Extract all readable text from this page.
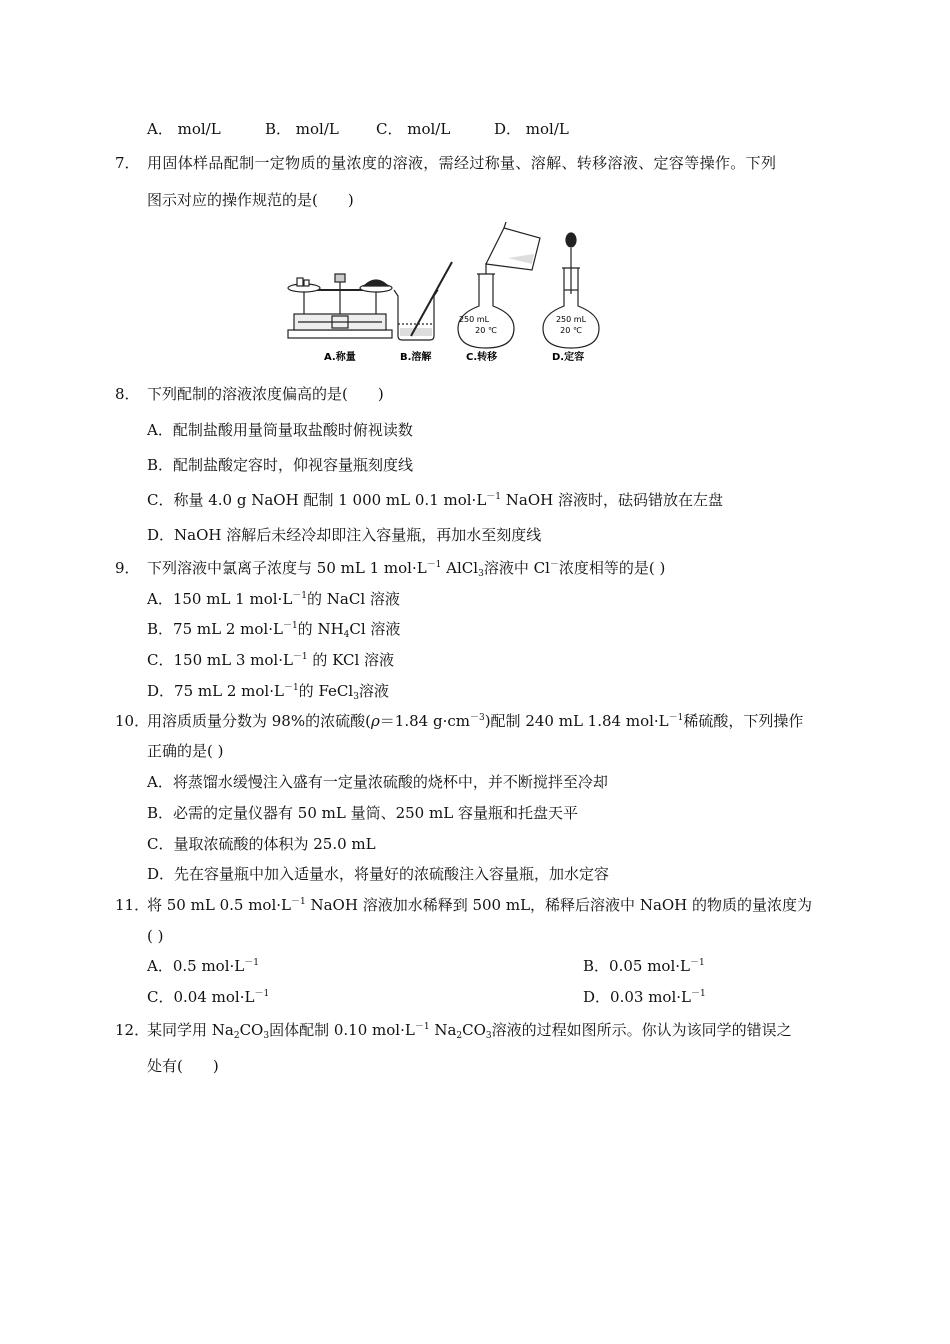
A． mol/L	B． mol/L C． mol/L	D． mol/L
7． 用固体样品配制一定物质的量浓度的溶液，需经过称量、溶解、转移溶液、定容等操作。下列
图示对应的操作规范的是(　　)
250 mL
20 ℃
250 mL
20 ℃
A.称量	B.溶解	C.转移	D.定容
8． 下列配制的溶液浓度偏高的是(　　)
A．配制盐酸用量筒量取盐酸时俯视读数
B．配制盐酸定容时，仰视容量瓶刻度线
C．称量 4.0 g NaOH 配制 1 000 mL 0.1 $mol\cdot L^{-1}$ NaOH 溶液时，砝码错放在左盘
D．NaOH 溶解后未经冷却即注入容量瓶，再加水至刻度线
9． 下列溶液中氯离子浓度与 50 mL 1 $mol\cdot L^{-1}$ AlCl$_3$溶液中 Cl－浓度相等的是( )
A．150 mL 1 $mol\cdot L^{-1}$的 NaCl 溶液
B．75 mL 2 $mol\cdot L^{-1}$的 $NH_4Cl$ 溶液
C．150 mL 3 $mol\cdot L^{-1}$ 的 KCl 溶液
D．75 mL 2 $mol\cdot L^{-1}$的 FeCl$_3$溶液
10．
用溶质质量分数为 98%的浓硫酸(ρ＝1.84 $g\cdot cm^{-3}$)配制 240 mL 1.84 $mol\cdot L^{-1}$稀硫酸，下列操作
正确的是( )
A．将蒸馏水缓慢注入盛有一定量浓硫酸的烧杯中，并不断搅拌至冷却
B．必需的定量仪器有 50 mL 量筒、250 mL 容量瓶和托盘天平
C．量取浓硫酸的体积为 25.0 mL
D．先在容量瓶中加入适量水，将量好的浓硫酸注入容量瓶，加水定容
11．
将 50 mL 0.5 $mol\cdot L^{-1}$ NaOH 溶液加水稀释到 500 mL，稀释后溶液中 NaOH 的物质的量浓度为
( )
A．0.5 $mol\cdot L^{-1}$	B．0.05 $mol\cdot L^{-1}$
C．0.04 $mol\cdot L^{-1}$	D．0.03 $mol\cdot L^{-1}$
12．
某同学用 $Na_2CO_3$固体配制 0.10 $mol\cdot L^{-1}$ $Na_2CO_3$溶液的过程如图所示。你认为该同学的错误之
处有(　　)
